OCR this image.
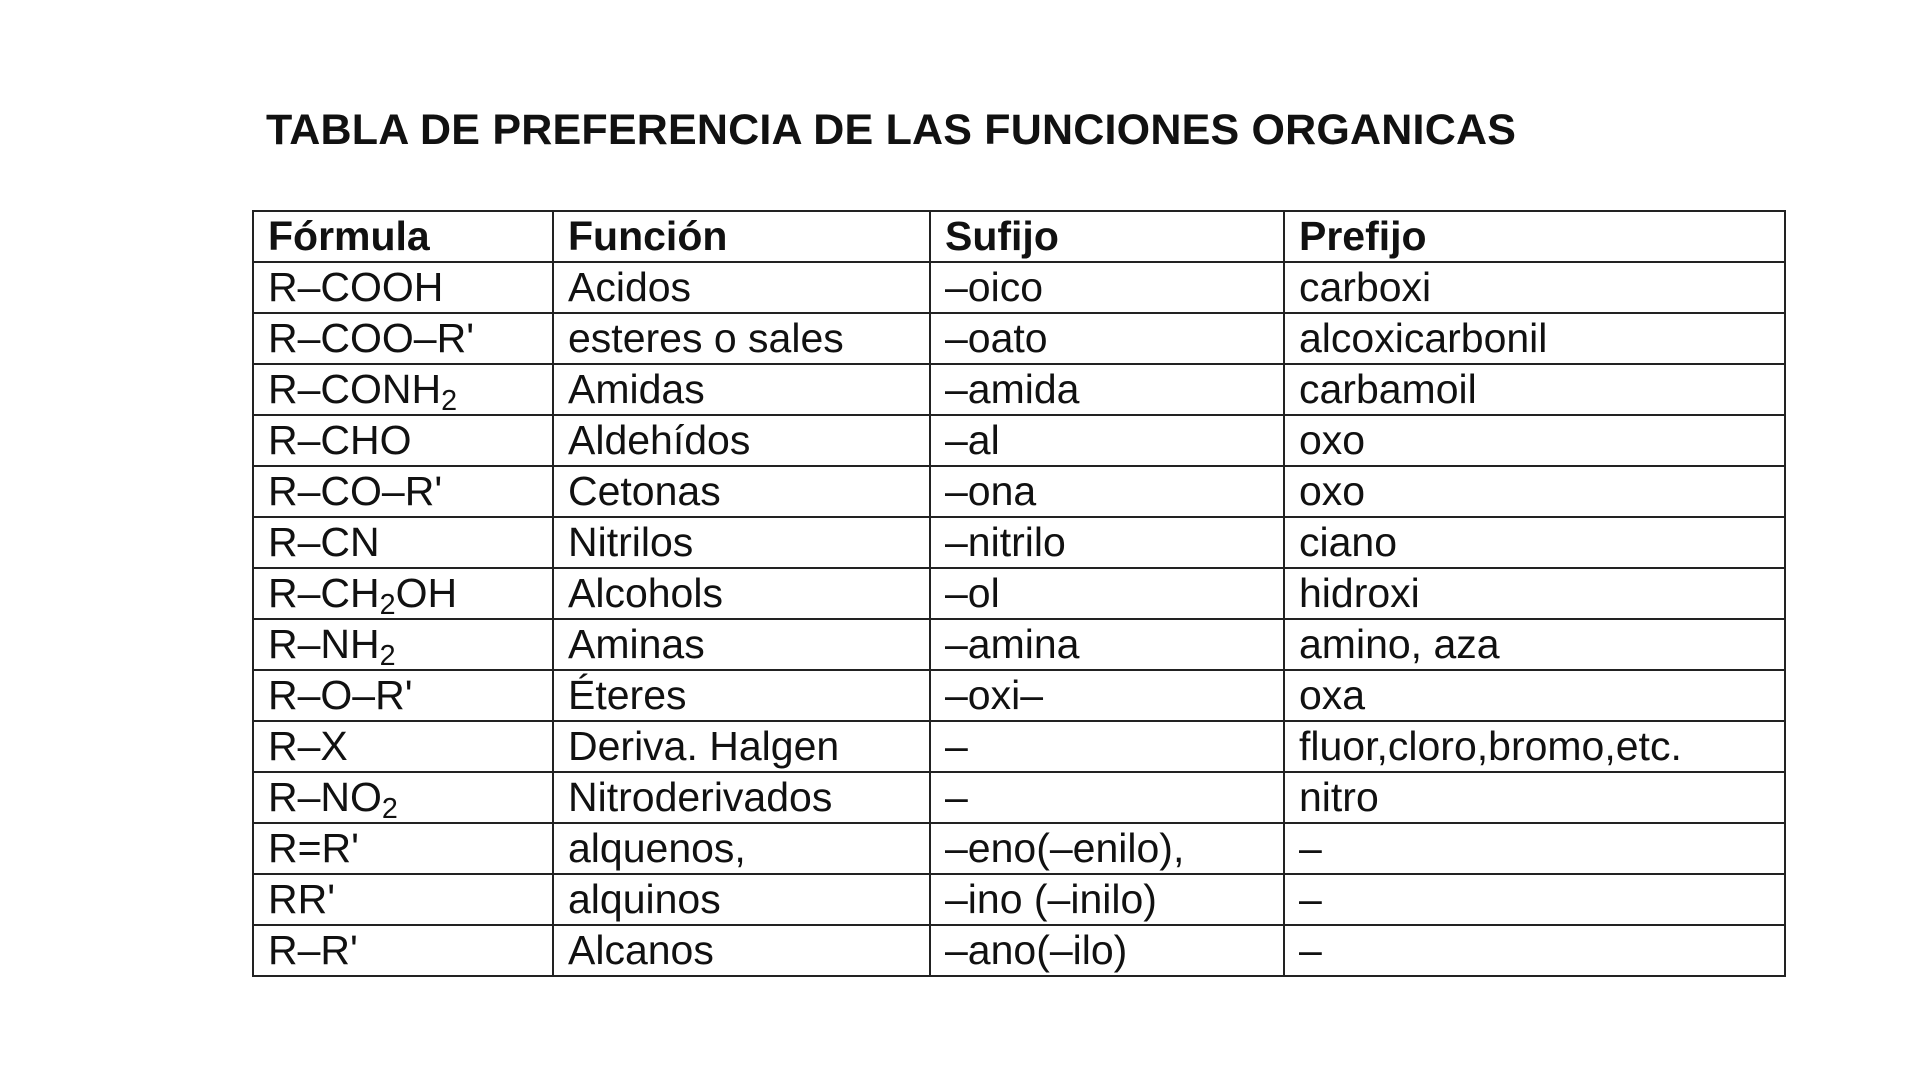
TABLA DE PREFERENCIA DE LAS FUNCIONES ORGANICAS
Fórmula	Función	Sufijo	Prefijo
R–COOH	Acidos	–oico	carboxi
R–COO–R'	esteres o sales	–oato	alcoxicarbonil
$R-CONH_2$	Amidas	–amida	carbamoil
R–CHO	Aldehídos	–al	oxo
R–CO–R'	Cetonas	–ona	oxo
R–CN	Nitrilos	–nitrilo	ciano
$R-CH_2OH$	Alcohols	–ol	hidroxi
$R-NH_2$	Aminas	–amina	amino, aza
R–O–R'	Éteres	–oxi–	oxa
R–X	Deriva. Halgen	–	fluor,cloro,bromo,etc.
$R-NO_2$	Nitroderivados	–	nitro
R=R'	alquenos,	–eno(–enilo),	–
RR'	alquinos	–ino (–inilo)	–
R–R'	Alcanos	–ano(–ilo)	–
